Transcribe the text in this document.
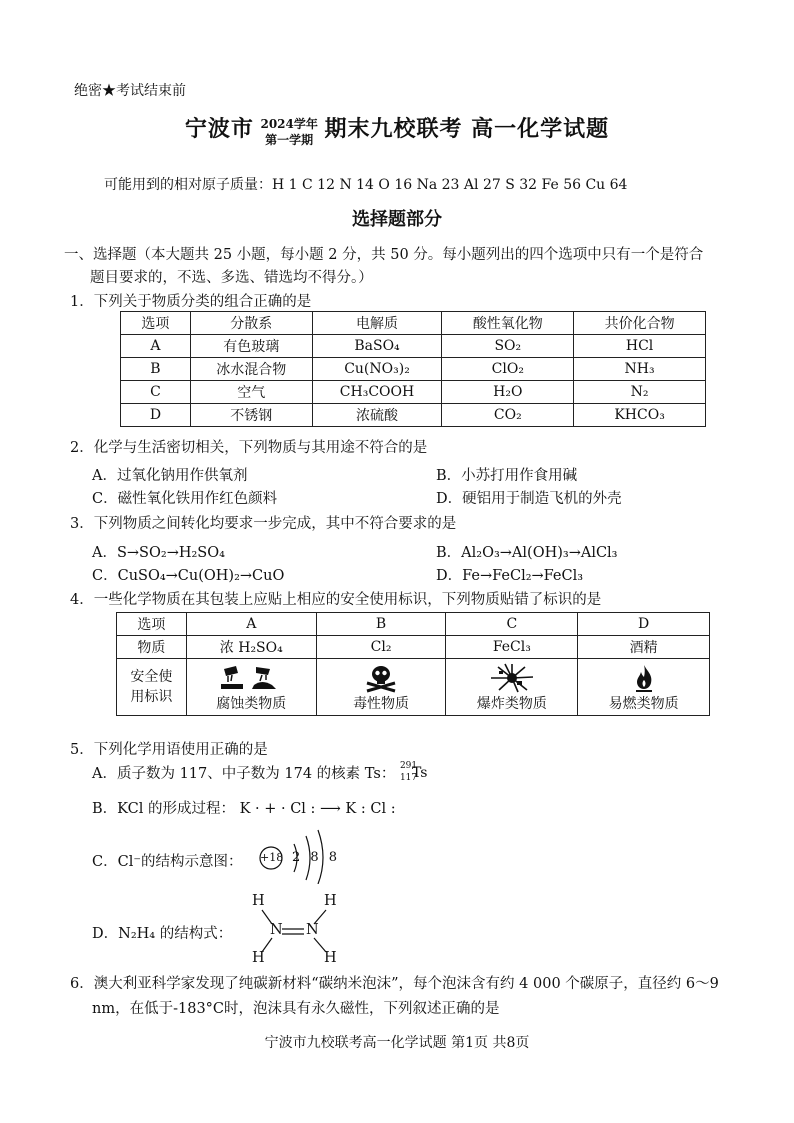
绝密★考试结束前
宁波市 2024学年
第一学期 期末九校联考 高一化学试题
可能用到的相对原子质量：H 1 C 12 N 14 O 16 Na 23 Al 27 S 32 Fe 56 Cu 64
选择题部分
一、选择题（本大题共 25 小题，每小题 2 分，共 50 分。每小题列出的四个选项中只有一个是符合
题目要求的，不选、多选、错选均不得分。）
1．下列关于物质分类的组合正确的是
选项	分散系	电解质	酸性氧化物	共价化合物
A	有色玻璃	BaSO₄	SO₂	HCl
B	冰水混合物	Cu(NO₃)₂	ClO₂	NH₃
C	空气	CH₃COOH	H₂O	N₂
D	不锈钢	浓硫酸	CO₂	KHCO₃
2．化学与生活密切相关，下列物质与其用途不符合的是
A．过氧化钠用作供氧剂	B．小苏打用作食用碱
C．磁性氧化铁用作红色颜料	D．硬铝用于制造飞机的外壳
3．下列物质之间转化均要求一步完成，其中不符合要求的是
A．S→SO₂→H₂SO₄	B．Al₂O₃→Al(OH)₃→AlCl₃
C．CuSO₄→Cu(OH)₂→CuO	D．Fe→FeCl₂→FeCl₃
4．一些化学物质在其包装上应贴上相应的安全使用标识，下列物质贴错了标识的是
选项	A	B	C	D
物质	浓 H₂SO₄	Cl₂	FeCl₃	酒精

安全使
用标识	腐蚀类物质	毒性物质	爆炸类物质	易燃类物质
5．下列化学用语使用正确的是
A．质子数为 117、中子数为 174 的核素 Ts： 291
117
Ts
B．KCl 的形成过程： K · + · Cl : ⟶ K : Cl :
C．Cl⁻的结构示意图： +18 2 8 8
D．N₂H₄ 的结构式：
H	H
N N
H	H
6．澳大利亚科学家发现了纯碳新材料“碳纳米泡沫”，每个泡沫含有约 4 000 个碳原子，直径约 6～9
nm，在低于-183°C时，泡沫具有永久磁性，下列叙述正确的是
宁波市九校联考高一化学试题 第1页 共8页
